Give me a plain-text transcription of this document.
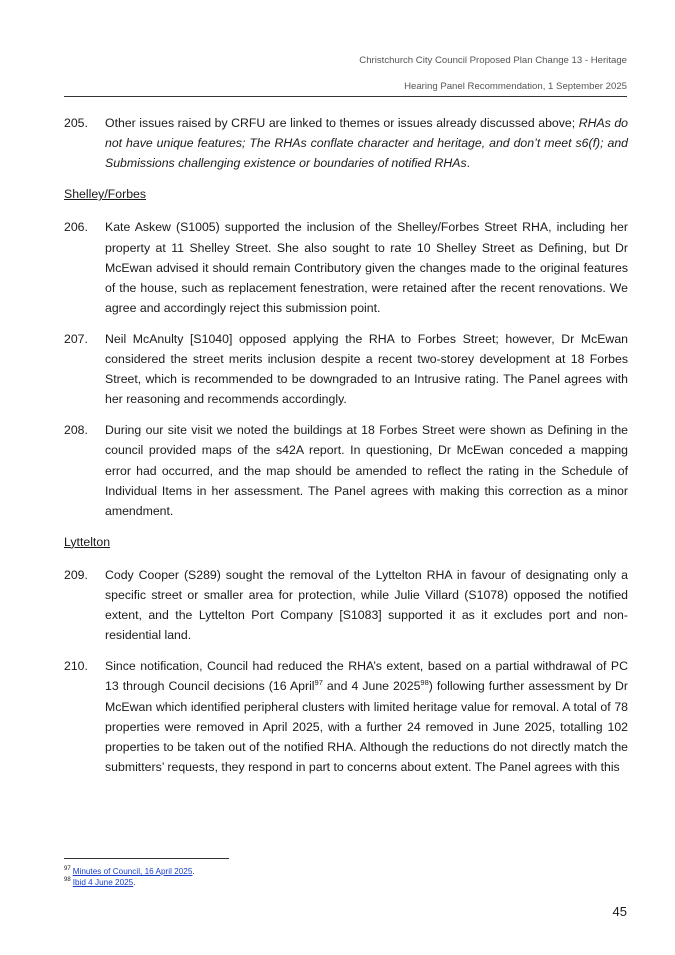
Christchurch City Council Proposed Plan Change 13 - Heritage
Hearing Panel Recommendation, 1 September 2025
205.	Other issues raised by CRFU are linked to themes or issues already discussed above; RHAs do not have unique features; The RHAs conflate character and heritage, and don’t meet s6(f); and Submissions challenging existence or boundaries of notified RHAs.
Shelley/Forbes
206.	Kate Askew (S1005) supported the inclusion of the Shelley/Forbes Street RHA, including her property at 11 Shelley Street. She also sought to rate 10 Shelley Street as Defining, but Dr McEwan advised it should remain Contributory given the changes made to the original features of the house, such as replacement fenestration, were retained after the recent renovations. We agree and accordingly reject this submission point.
207.	Neil McAnulty [S1040] opposed applying the RHA to Forbes Street; however, Dr McEwan considered the street merits inclusion despite a recent two-storey development at 18 Forbes Street, which is recommended to be downgraded to an Intrusive rating. The Panel agrees with her reasoning and recommends accordingly.
208.	During our site visit we noted the buildings at 18 Forbes Street were shown as Defining in the council provided maps of the s42A report. In questioning, Dr McEwan conceded a mapping error had occurred, and the map should be amended to reflect the rating in the Schedule of Individual Items in her assessment. The Panel agrees with making this correction as a minor amendment.
Lyttelton
209.	Cody Cooper (S289) sought the removal of the Lyttelton RHA in favour of designating only a specific street or smaller area for protection, while Julie Villard (S1078) opposed the notified extent, and the Lyttelton Port Company [S1083] supported it as it excludes port and non-residential land.
210.	Since notification, Council had reduced the RHA’s extent, based on a partial withdrawal of PC 13 through Council decisions (16 April$^{97}$ and 4 June 2025$^{98}$) following further assessment by Dr McEwan which identified peripheral clusters with limited heritage value for removal. A total of 78 properties were removed in April 2025, with a further 24 removed in June 2025, totalling 102 properties to be taken out of the notified RHA. Although the reductions do not directly match the submitters’ requests, they respond in part to concerns about extent. The Panel agrees with this
$^{97}$ Minutes of Council, 16 April 2025.
$^{98}$ Ibid 4 June 2025.
45
